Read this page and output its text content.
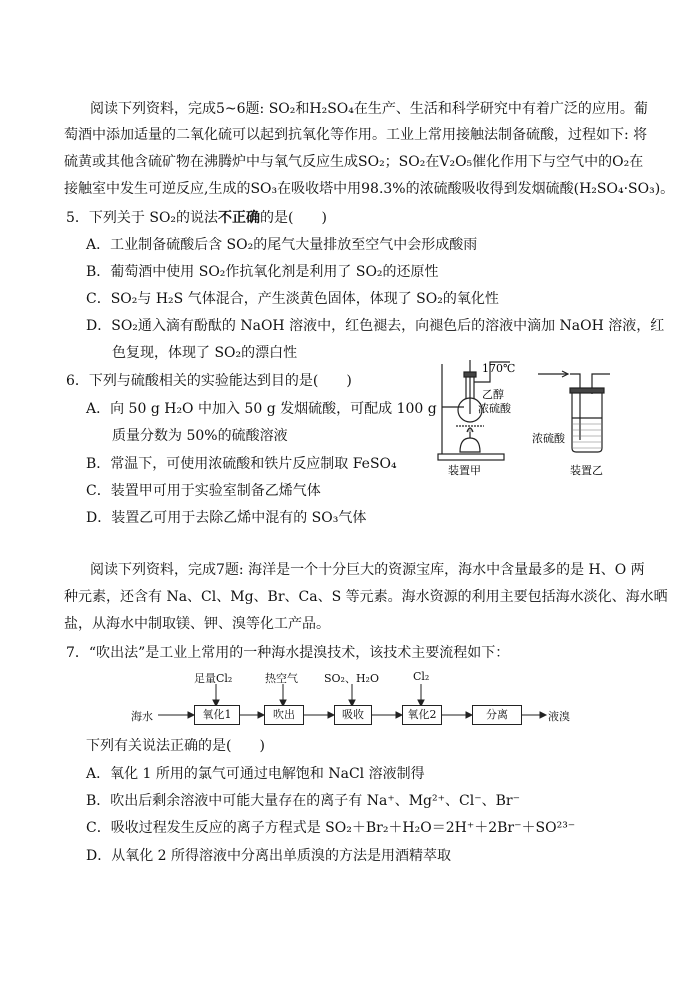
阅读下列资料，完成5~6题: SO₂和H₂SO₄在生产、生活和科学研究中有着广泛的应用。葡
萄酒中添加适量的二氧化硫可以起到抗氧化等作用。工业上常用接触法制备硫酸，过程如下: 将
硫黄或其他含硫矿物在沸腾炉中与氧气反应生成SO₂；SO₂在V₂O₅催化作用下与空气中的O₂在
接触室中发生可逆反应,生成的SO₃在吸收塔中用98.3%的浓硫酸吸收得到发烟硫酸(H₂SO₄·SO₃)。
5．下列关于 SO₂的说法不正确的是(　　)
A．工业制备硫酸后含 SO₂的尾气大量排放至空气中会形成酸雨
B．葡萄酒中使用 SO₂作抗氧化剂是利用了 SO₂的还原性
C．SO₂与 H₂S 气体混合，产生淡黄色固体，体现了 SO₂的氧化性
D．SO₂通入滴有酚酞的 NaOH 溶液中，红色褪去，向褪色后的溶液中滴加 NaOH 溶液，红
色复现，体现了 SO₂的漂白性
6．下列与硫酸相关的实验能达到目的是(　　)
A．向 50 g H₂O 中加入 50 g 发烟硫酸，可配成 100 g
质量分数为 50%的硫酸溶液
B．常温下，可使用浓硫酸和铁片反应制取 FeSO₄
C．装置甲可用于实验室制备乙烯气体
D．装置乙可用于去除乙烯中混有的 SO₃气体
170℃
乙醇
浓硫酸
装置甲
浓硫酸
装置乙
阅读下列资料，完成7题: 海洋是一个十分巨大的资源宝库，海水中含量最多的是 H、O 两
种元素，还含有 Na、Cl、Mg、Br、Ca、S 等元素。海水资源的利用主要包括海水淡化、海水晒
盐，从海水中制取镁、钾、溴等化工产品。
7．“吹出法”是工业上常用的一种海水提溴技术，该技术主要流程如下：
海水	液溴
氧化1	吹出	吸收	氧化2	分离
足量Cl₂	热空气 SO₂、H₂O	Cl₂
下列有关说法正确的是(　　)
A．氧化 1 所用的氯气可通过电解饱和 NaCl 溶液制得
B．吹出后剩余溶液中可能大量存在的离子有 Na⁺、Mg²⁺、Cl⁻、Br⁻
C．吸收过程发生反应的离子方程式是 SO₂＋Br₂＋H₂O＝2H⁺＋2Br⁻＋SO²³⁻
D．从氧化 2 所得溶液中分离出单质溴的方法是用酒精萃取
